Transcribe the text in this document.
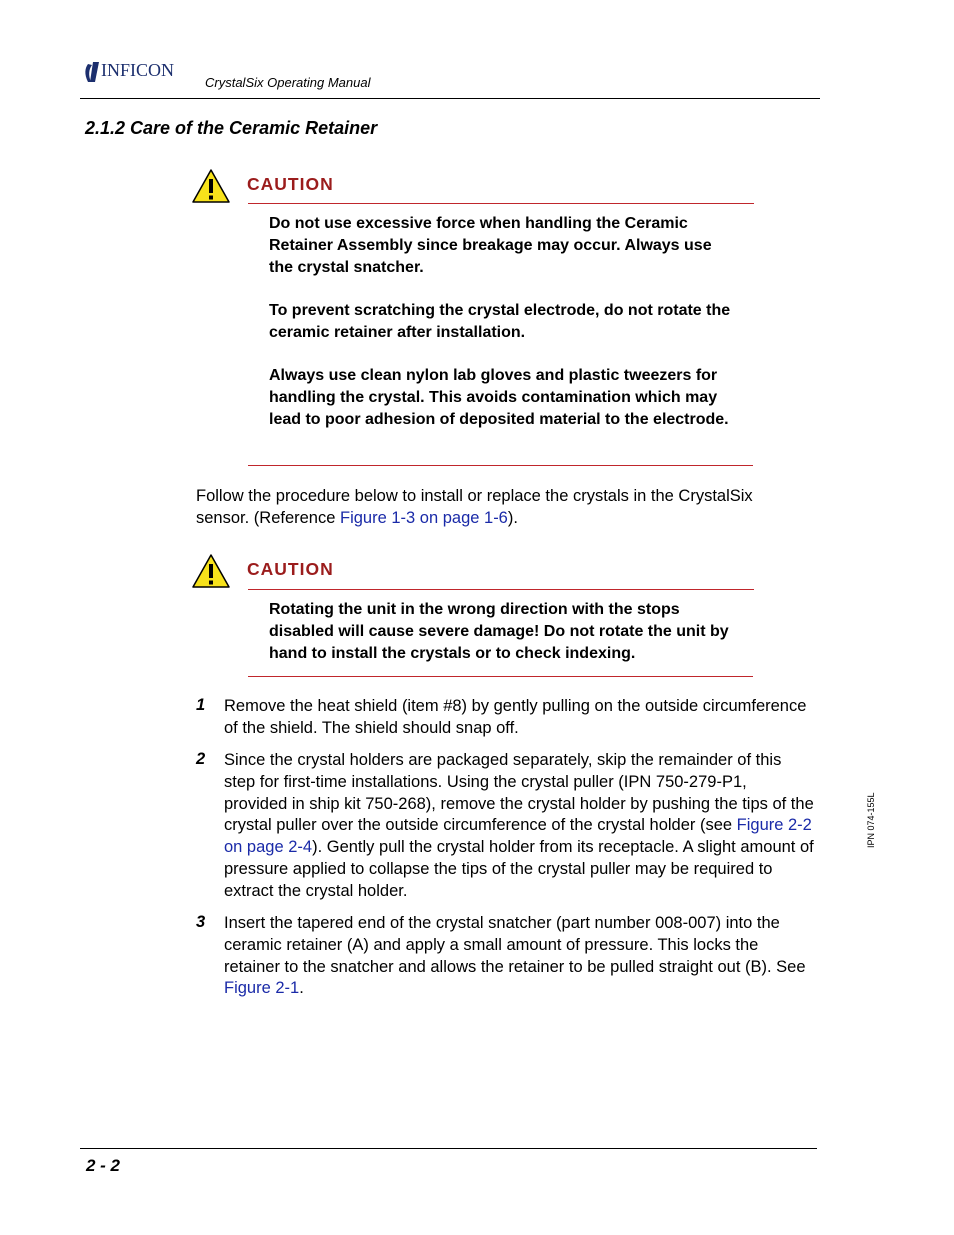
INFICON
CrystalSix Operating Manual
2.1.2 Care of the Ceramic Retainer
CAUTION

Do not use excessive force when handling the Ceramic Retainer Assembly since breakage may occur. Always use the crystal snatcher.

To prevent scratching the crystal electrode, do not rotate the ceramic retainer after installation.

Always use clean nylon lab gloves and plastic tweezers for handling the crystal. This avoids contamination which may lead to poor adhesion of deposited material to the electrode.

Follow the procedure below to install or replace the crystals in the CrystalSix sensor. (Reference Figure 1-3 on page 1-6).
CAUTION

Rotating the unit in the wrong direction with the stops disabled will cause severe damage! Do not rotate the unit by hand to install the crystals or to check indexing.

1 Remove the heat shield (item #8) by gently pulling on the outside circumference of the shield. The shield should snap off.
2 Since the crystal holders are packaged separately, skip the remainder of this step for first-time installations. Using the crystal puller (IPN 750-279-P1, provided in ship kit 750-268), remove the crystal holder by pushing the tips of the crystal puller over the outside circumference of the crystal holder (see Figure 2-2 on page 2-4). Gently pull the crystal holder from its receptacle. A slight amount of pressure applied to collapse the tips of the crystal puller may be required to extract the crystal holder.
3 Insert the tapered end of the crystal snatcher (part number 008-007) into the ceramic retainer (A) and apply a small amount of pressure. This locks the retainer to the snatcher and allows the retainer to be pulled straight out (B). See Figure 2-1.
IPN 074-155L
2 - 2
